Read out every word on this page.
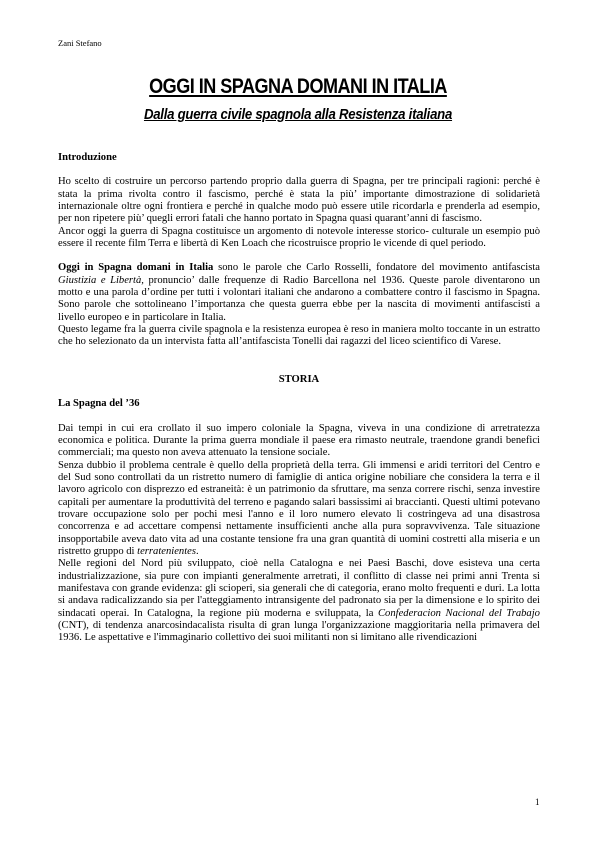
Zani Stefano
OGGI IN SPAGNA DOMANI IN ITALIA
Dalla guerra civile spagnola alla Resistenza italiana
Introduzione

Ho scelto di costruire un percorso partendo proprio dalla guerra di Spagna, per tre principali ragioni: perché è stata la prima rivolta contro il fascismo, perché è stata la più’ importante dimostrazione di solidarietà internazionale oltre ogni frontiera e perché in qualche modo può essere utile ricordarla e prenderla ad esempio, per non ripetere più’ quegli errori fatali che hanno portato in Spagna quasi quarant’anni di fascismo.

Ancor oggi la guerra di Spagna costituisce un argomento di notevole interesse storico- culturale un esempio può essere il recente film Terra e libertà di Ken Loach che ricostruisce proprio le vicende di quel periodo.

Oggi in Spagna domani in Italia sono le parole che Carlo Rosselli, fondatore del movimento antifascista Giustizia e Libertà, pronuncio’ dalle frequenze di Radio Barcellona nel 1936. Queste parole diventarono un motto e una parola d’ordine per tutti i volontari italiani che andarono a combattere contro il fascismo in Spagna. Sono parole che sottolineano l’importanza che questa guerra ebbe per la nascita di movimenti antifascisti a livello europeo e in particolare in Italia.

Questo legame fra la guerra civile spagnola e la resistenza europea è reso in maniera molto toccante in un estratto che ho selezionato da un intervista fatta all’antifascista Tonelli dai ragazzi del liceo scientifico di Varese.

STORIA
La Spagna del ’36

Dai tempi in cui era crollato il suo impero coloniale la Spagna, viveva in una condizione di arretratezza economica e politica. Durante la prima guerra mondiale il paese era rimasto neutrale, traendone grandi benefici commerciali; ma questo non aveva attenuato la tensione sociale.

Senza dubbio il problema centrale è quello della proprietà della terra. Gli immensi e aridi territori del Centro e del Sud sono controllati da un ristretto numero di famiglie di antica origine nobiliare che considera la terra e il lavoro agricolo con disprezzo ed estraneità: è un patrimonio da sfruttare, ma senza correre rischi, senza investire capitali per aumentare la produttività del terreno e pagando salari bassissimi ai braccianti. Questi ultimi potevano trovare occupazione solo per pochi mesi l'anno e il loro numero elevato li costringeva ad una disastrosa concorrenza e ad accettare compensi nettamente insufficienti anche alla pura sopravvivenza. Tale situazione insopportabile aveva dato vita ad una costante tensione fra una gran quantità di uomini costretti alla miseria e un ristretto gruppo di terratenientes.

Nelle regioni del Nord più sviluppato, cioè nella Catalogna e nei Paesi Baschi, dove esisteva una certa industrializzazione, sia pure con impianti generalmente arretrati, il conflitto di classe nei primi anni Trenta si manifestava con grande evidenza: gli scioperi, sia generali che di categoria, erano molto frequenti e duri. La lotta si andava radicalizzando sia per l'atteggiamento intransigente del padronato sia per la dimensione e lo spirito dei sindacati operai. In Catalogna, la regione più moderna e sviluppata, la Confederacion Nacional del Trabajo (CNT), di tendenza anarcosindacalista risulta di gran lunga l'organizzazione maggioritaria nella primavera del 1936. Le aspettative e l'immaginario collettivo dei suoi militanti non si limitano alle rivendicazioni

1
